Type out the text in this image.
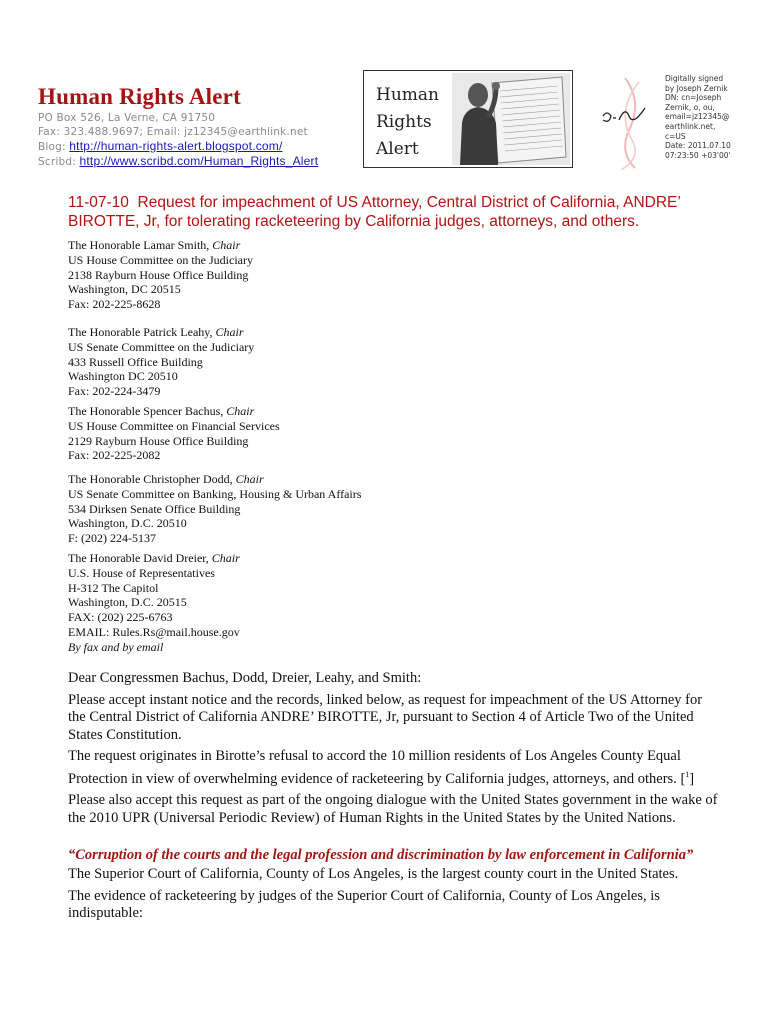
Human Rights Alert
PO Box 526, La Verne, CA 91750
Fax: 323.488.9697; Email: jz12345@earthlink.net
Blog: http://human-rights-alert.blogspot.com/
Scribd: http://www.scribd.com/Human_Rights_Alert
Human
Rights
Alert
Digitally signed
by Joseph Zernik
DN: cn=Joseph
Zernik, o, ou,
email=jz12345@
earthlink.net,
c=US
Date: 2011.07.10
07:23:50 +03'00'
11-07-10 Request for impeachment of US Attorney, Central District of California, ANDRE’ BIROTTE, Jr, for tolerating racketeering by California judges, attorneys, and others.
The Honorable Lamar Smith, Chair
US House Committee on the Judiciary
2138 Rayburn House Office Building
Washington, DC 20515
Fax: 202-225-8628
The Honorable Patrick Leahy, Chair
US Senate Committee on the Judiciary
433 Russell Office Building
Washington DC 20510
Fax: 202-224-3479
The Honorable Spencer Bachus, Chair
US House Committee on Financial Services
2129 Rayburn House Office Building
Fax: 202-225-2082
The Honorable Christopher Dodd, Chair
US Senate Committee on Banking, Housing & Urban Affairs
534 Dirksen Senate Office Building
Washington, D.C. 20510
F: (202) 224-5137
The Honorable David Dreier, Chair
U.S. House of Representatives
H-312 The Capitol
Washington, D.C. 20515
FAX: (202) 225-6763
EMAIL: Rules.Rs@mail.house.gov
By fax and by email

Dear Congressmen Bachus, Dodd, Dreier, Leahy, and Smith:

Please accept instant notice and the records, linked below, as request for impeachment of the US Attorney for the Central District of California ANDRE’ BIROTTE, Jr, pursuant to Section 4 of Article Two of the United States Constitution.

The request originates in Birotte’s refusal to accord the 10 million residents of Los Angeles County Equal Protection in view of overwhelming evidence of racketeering by California judges, attorneys, and others. [$^1$]

Please also accept this request as part of the ongoing dialogue with the United States government in the wake of the 2010 UPR (Universal Periodic Review) of Human Rights in the United States by the United Nations.

“Corruption of the courts and the legal profession and discrimination by law enforcement in California”

The Superior Court of California, County of Los Angeles, is the largest county court in the United States.

The evidence of racketeering by judges of the Superior Court of California, County of Los Angeles, is indisputable:
